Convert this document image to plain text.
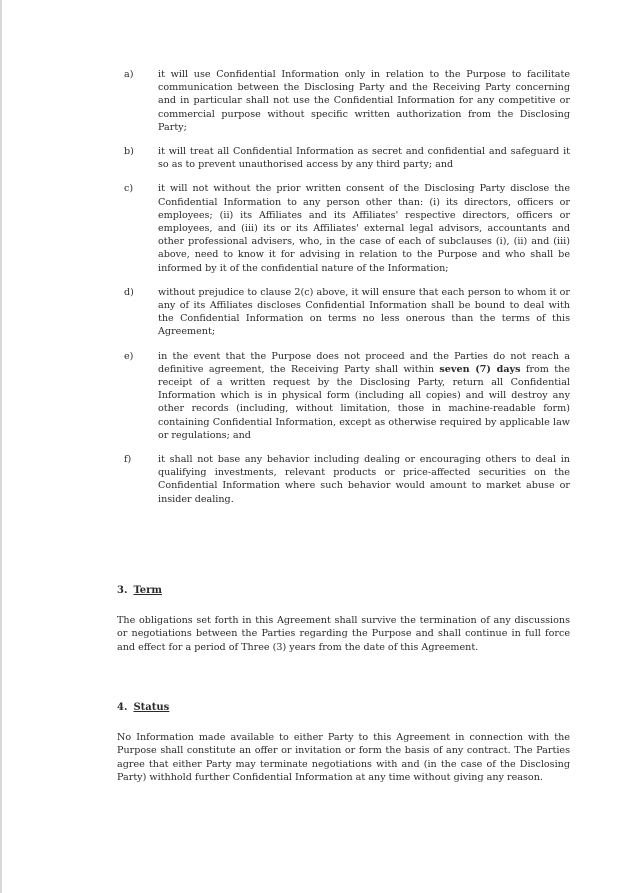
a)	it will use Confidential Information only in relation to the Purpose to facilitate communication between the Disclosing Party and the Receiving Party concerning and in particular shall not use the Confidential Information for any competitive or commercial purpose without specific written authorization from the Disclosing Party;

b)	it will treat all Confidential Information as secret and confidential and safeguard it so as to prevent unauthorised access by any third party; and

c)	it will not without the prior written consent of the Disclosing Party disclose the Confidential Information to any person other than: (i) its directors, officers or employees; (ii) its Affiliates and its Affiliates' respective directors, officers or employees, and (iii) its or its Affiliates' external legal advisors, accountants and other professional advisers, who, in the case of each of subclauses (i), (ii) and (iii) above, need to know it for advising in relation to the Purpose and who shall be informed by it of the confidential nature of the Information;

d)	without prejudice to clause 2(c) above, it will ensure that each person to whom it or any of its Affiliates discloses Confidential Information shall be bound to deal with the Confidential Information on terms no less onerous than the terms of this Agreement;

e)	in the event that the Purpose does not proceed and the Parties do not reach a definitive agreement, the Receiving Party shall within seven (7) days from the receipt of a written request by the Disclosing Party, return all Confidential Information which is in physical form (including all copies) and will destroy any other records (including, without limitation, those in machine-readable form) containing Confidential Information, except as otherwise required by applicable law or regulations; and

f)	it shall not base any behavior including dealing or encouraging others to deal in qualifying investments, relevant products or price-affected securities on the Confidential Information where such behavior would amount to market abuse or insider dealing.

3. Term

The obligations set forth in this Agreement shall survive the termination of any discussions or negotiations between the Parties regarding the Purpose and shall continue in full force and effect for a period of Three (3) years from the date of this Agreement.

4. Status

No Information made available to either Party to this Agreement in connection with the Purpose shall constitute an offer or invitation or form the basis of any contract. The Parties agree that either Party may terminate negotiations with and (in the case of the Disclosing Party) withhold further Confidential Information at any time without giving any reason.
